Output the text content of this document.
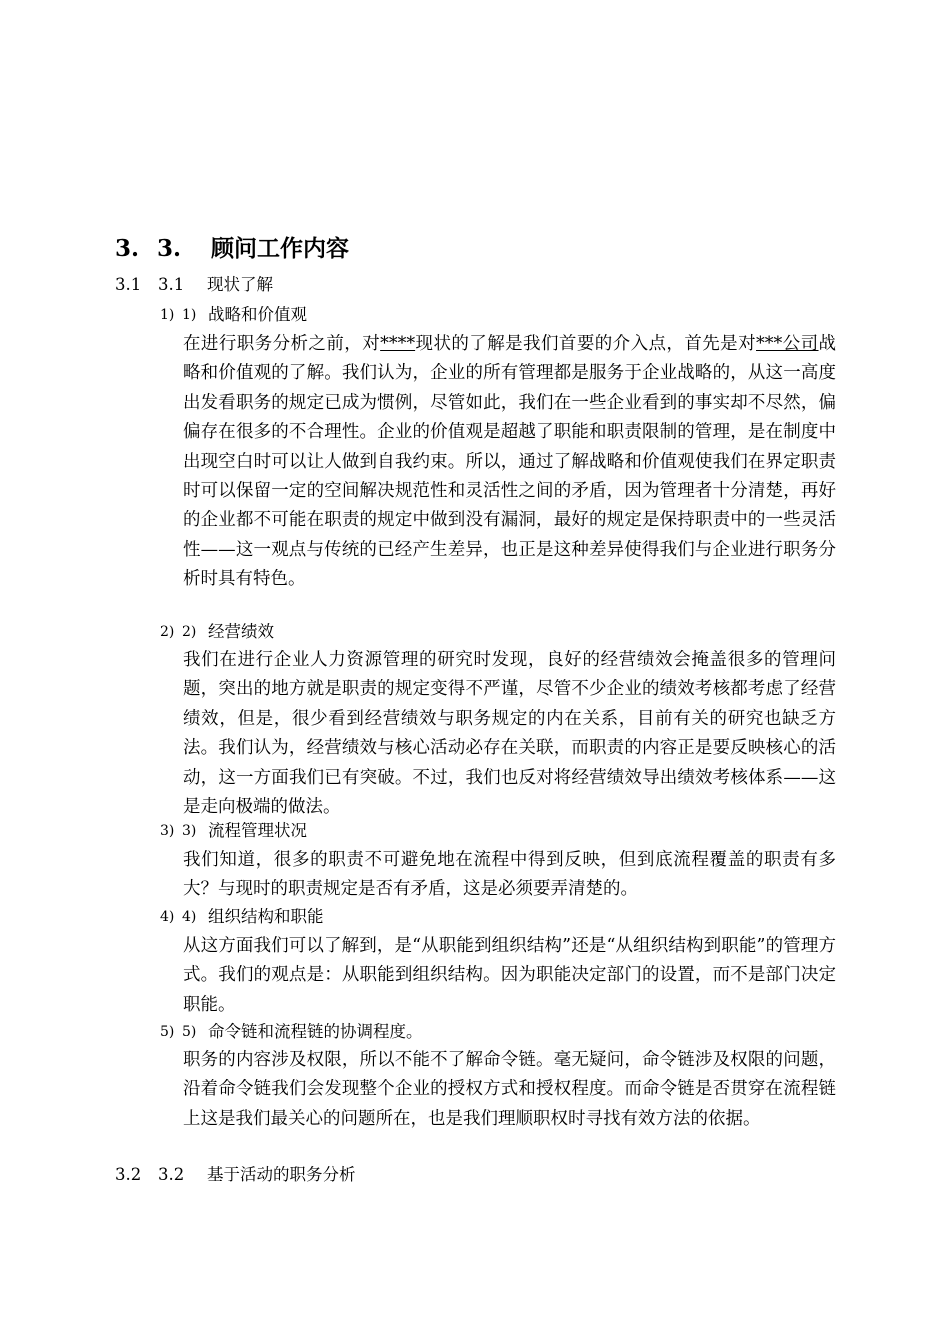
3. 3. 顾问工作内容
3.1 3.1 现状了解
1) 1) 战略和价值观

在进行职务分析之前，对****现状的了解是我们首要的介入点，首先是对***公司战略和价值观的了解。我们认为，企业的所有管理都是服务于企业战略的，从这一高度出发看职务的规定已成为惯例，尽管如此，我们在一些企业看到的事实却不尽然，偏偏存在很多的不合理性。企业的价值观是超越了职能和职责限制的管理，是在制度中出现空白时可以让人做到自我约束。所以，通过了解战略和价值观使我们在界定职责时可以保留一定的空间解决规范性和灵活性之间的矛盾，因为管理者十分清楚，再好的企业都不可能在职责的规定中做到没有漏洞，最好的规定是保持职责中的一些灵活性——这一观点与传统的已经产生差异，也正是这种差异使得我们与企业进行职务分析时具有特色。

2) 2) 经营绩效

我们在进行企业人力资源管理的研究时发现，良好的经营绩效会掩盖很多的管理问题，突出的地方就是职责的规定变得不严谨，尽管不少企业的绩效考核都考虑了经营绩效，但是，很少看到经营绩效与职务规定的内在关系，目前有关的研究也缺乏方法。我们认为，经营绩效与核心活动必存在关联，而职责的内容正是要反映核心的活动，这一方面我们已有突破。不过，我们也反对将经营绩效导出绩效考核体系——这是走向极端的做法。

3) 3) 流程管理状况

我们知道，很多的职责不可避免地在流程中得到反映，但到底流程覆盖的职责有多大？与现时的职责规定是否有矛盾，这是必须要弄清楚的。

4) 4) 组织结构和职能

从这方面我们可以了解到，是“从职能到组织结构”还是“从组织结构到职能”的管理方式。我们的观点是：从职能到组织结构。因为职能决定部门的设置，而不是部门决定职能。

5) 5) 命令链和流程链的协调程度。

职务的内容涉及权限，所以不能不了解命令链。毫无疑问，命令链涉及权限的问题，沿着命令链我们会发现整个企业的授权方式和授权程度。而命令链是否贯穿在流程链上这是我们最关心的问题所在，也是我们理顺职权时寻找有效方法的依据。

3.2 3.2 基于活动的职务分析
